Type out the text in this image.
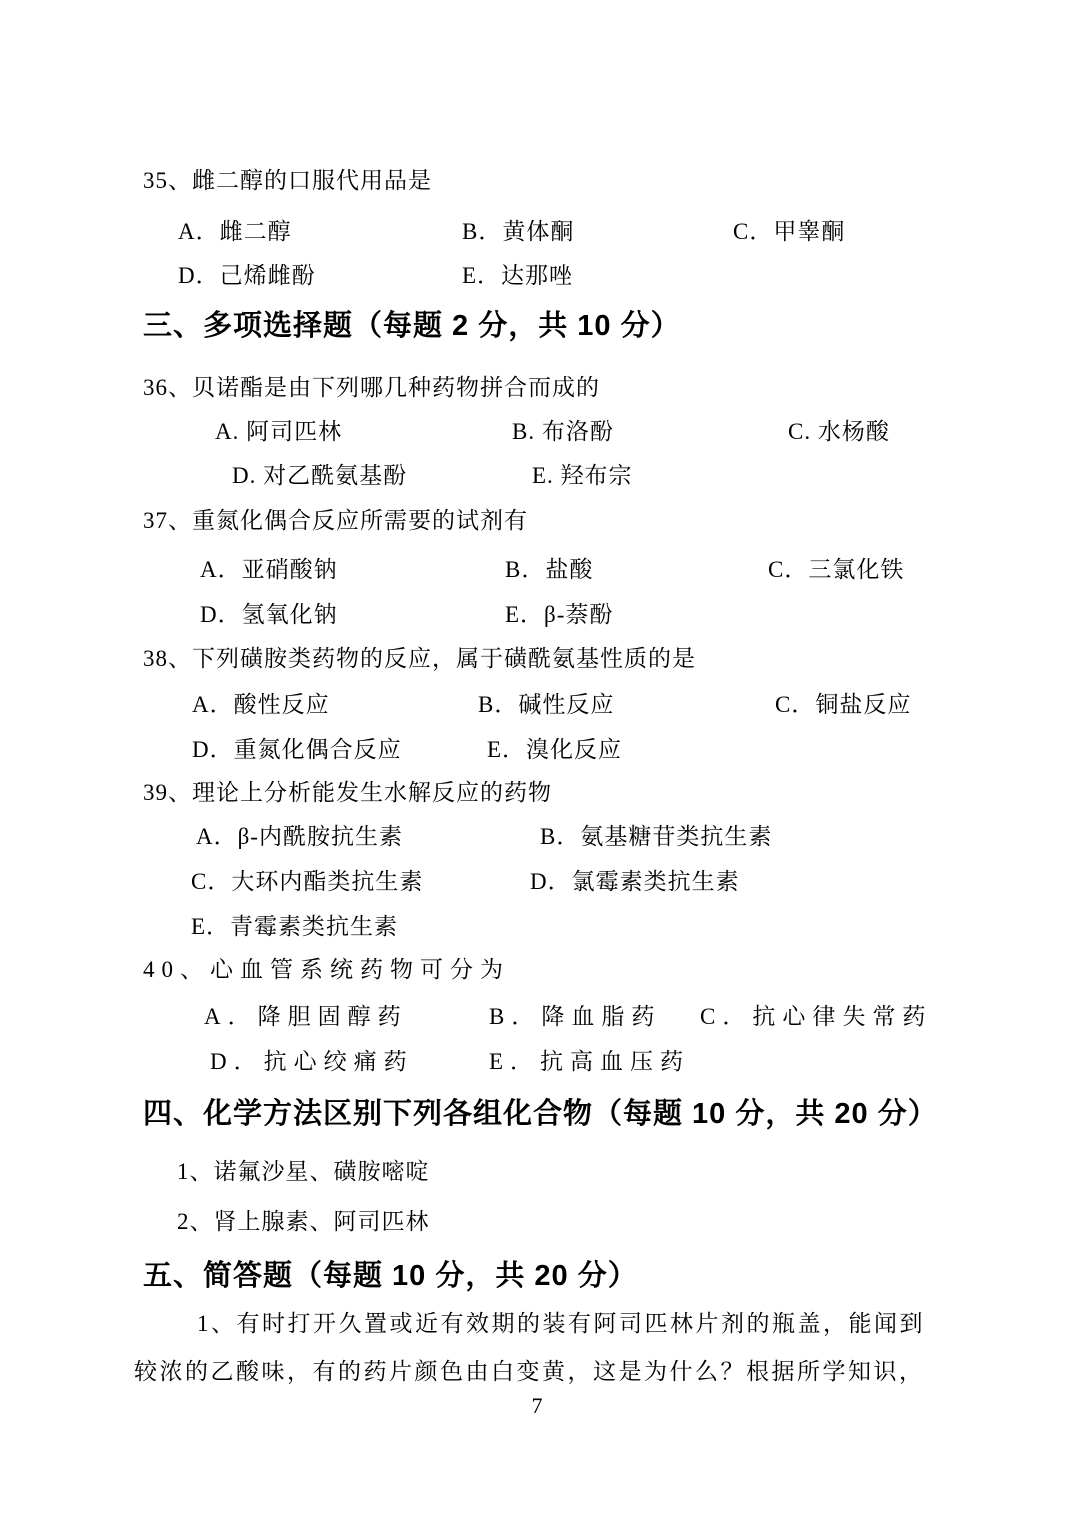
35、雌二醇的口服代用品是
A．雌二醇	B．黄体酮	C．甲睾酮
D．己烯雌酚	E．达那唑
三、多项选择题（每题 2 分，共 10 分）
36、贝诺酯是由下列哪几种药物拼合而成的
A. 阿司匹林	B. 布洛酚	C. 水杨酸
D. 对乙酰氨基酚	E. 羟布宗
37、重氮化偶合反应所需要的试剂有
A．亚硝酸钠	B．盐酸	C．三氯化铁
D．氢氧化钠	E．β-萘酚
38、下列磺胺类药物的反应，属于磺酰氨基性质的是
A．酸性反应	B．碱性反应	C．铜盐反应
D．重氮化偶合反应	E．溴化反应
39、理论上分析能发生水解反应的药物
A．β-内酰胺抗生素	B．氨基糖苷类抗生素
C．大环内酯类抗生素	D．氯霉素类抗生素
E．青霉素类抗生素
40、心血管系统药物可分为
A．降胆固醇药	B．降血脂药 C．抗心律失常药
D．抗心绞痛药	E．抗高血压药
四、化学方法区别下列各组化合物（每题 10 分，共 20 分）
1、诺氟沙星、磺胺嘧啶
2、肾上腺素、阿司匹林
五、简答题（每题 10 分，共 20 分）
1、有时打开久置或近有效期的装有阿司匹林片剂的瓶盖，能闻到
较浓的乙酸味，有的药片颜色由白变黄，这是为什么？根据所学知识，
7
